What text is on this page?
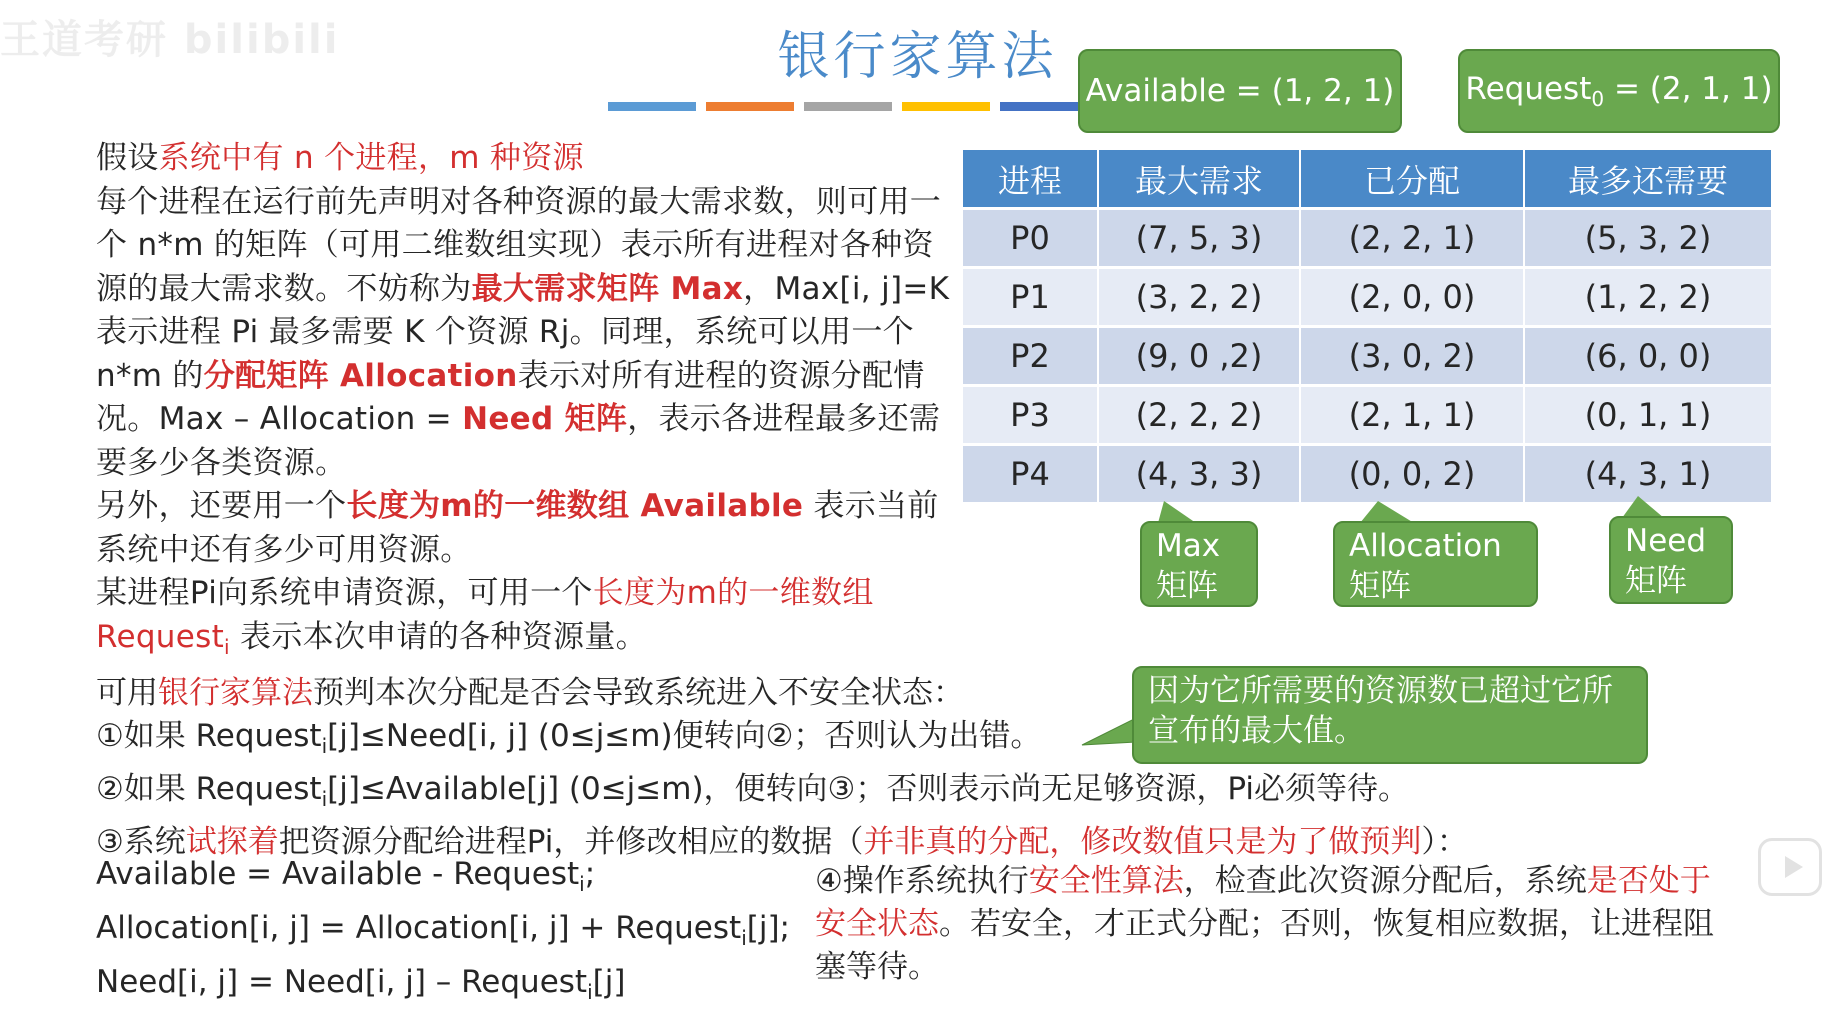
王道考研 bilibili	银行家算法
Available = (1, 2, 1) Request$_0$ = (2, 1, 1)

假设系统中有 n 个进程，m 种资源

每个进程在运行前先声明对各种资源的最大需求数，则可用一个 n*m 的矩阵（可用二维数组实现）表示所有进程对各种资源的最大需求数。不妨称为最大需求矩阵 Max，Max[i, j]=K 表示进程 Pi 最多需要 K 个资源 Rj。同理，系统可以用一个 n*m 的分配矩阵 Allocation表示对所有进程的资源分配情况。Max – Allocation = Need 矩阵，表示各进程最多还需要多少各类资源。

另外，还要用一个长度为m的一维数组 Available 表示当前系统中还有多少可用资源。

某进程Pi向系统申请资源，可用一个长度为m的一维数组 Request$_i$ 表示本次申请的各种资源量。

进程	最大需求	已分配	最多还需要
P0	(7, 5, 3)	(2, 2, 1)	(5, 3, 2)
P1	(3, 2, 2)	(2, 0, 0)	(1, 2, 2)
P2	(9, 0 ,2)	(3, 0, 2)	(6, 0, 0)
P3	(2, 2, 2)	(2, 1, 1)	(0, 1, 1)
P4	(4, 3, 3)	(0, 0, 2)	(4, 3, 1)
Max
矩阵
Allocation
矩阵
Need
矩阵
因为它所需要的资源数已超过它所宣布的最大值。

可用银行家算法预判本次分配是否会导致系统进入不安全状态：

①如果 Request$_i$[j]≤Need[i, j] (0≤j≤m)便转向②；否则认为出错。

②如果 Request$_i$[j]≤Available[j] (0≤j≤m)，便转向③；否则表示尚无足够资源，Pi必须等待。

③系统试探着把资源分配给进程Pi，并修改相应的数据（并非真的分配，修改数值只是为了做预判）：

Available = Available - Request$_i$;

Allocation[i, j] = Allocation[i, j] + Request$_i$[j];

Need[i, j] = Need[i, j] – Request$_i$[j]

④操作系统执行安全性算法，检查此次资源分配后，系统是否处于安全状态。若安全，才正式分配；否则，恢复相应数据，让进程阻塞等待。
